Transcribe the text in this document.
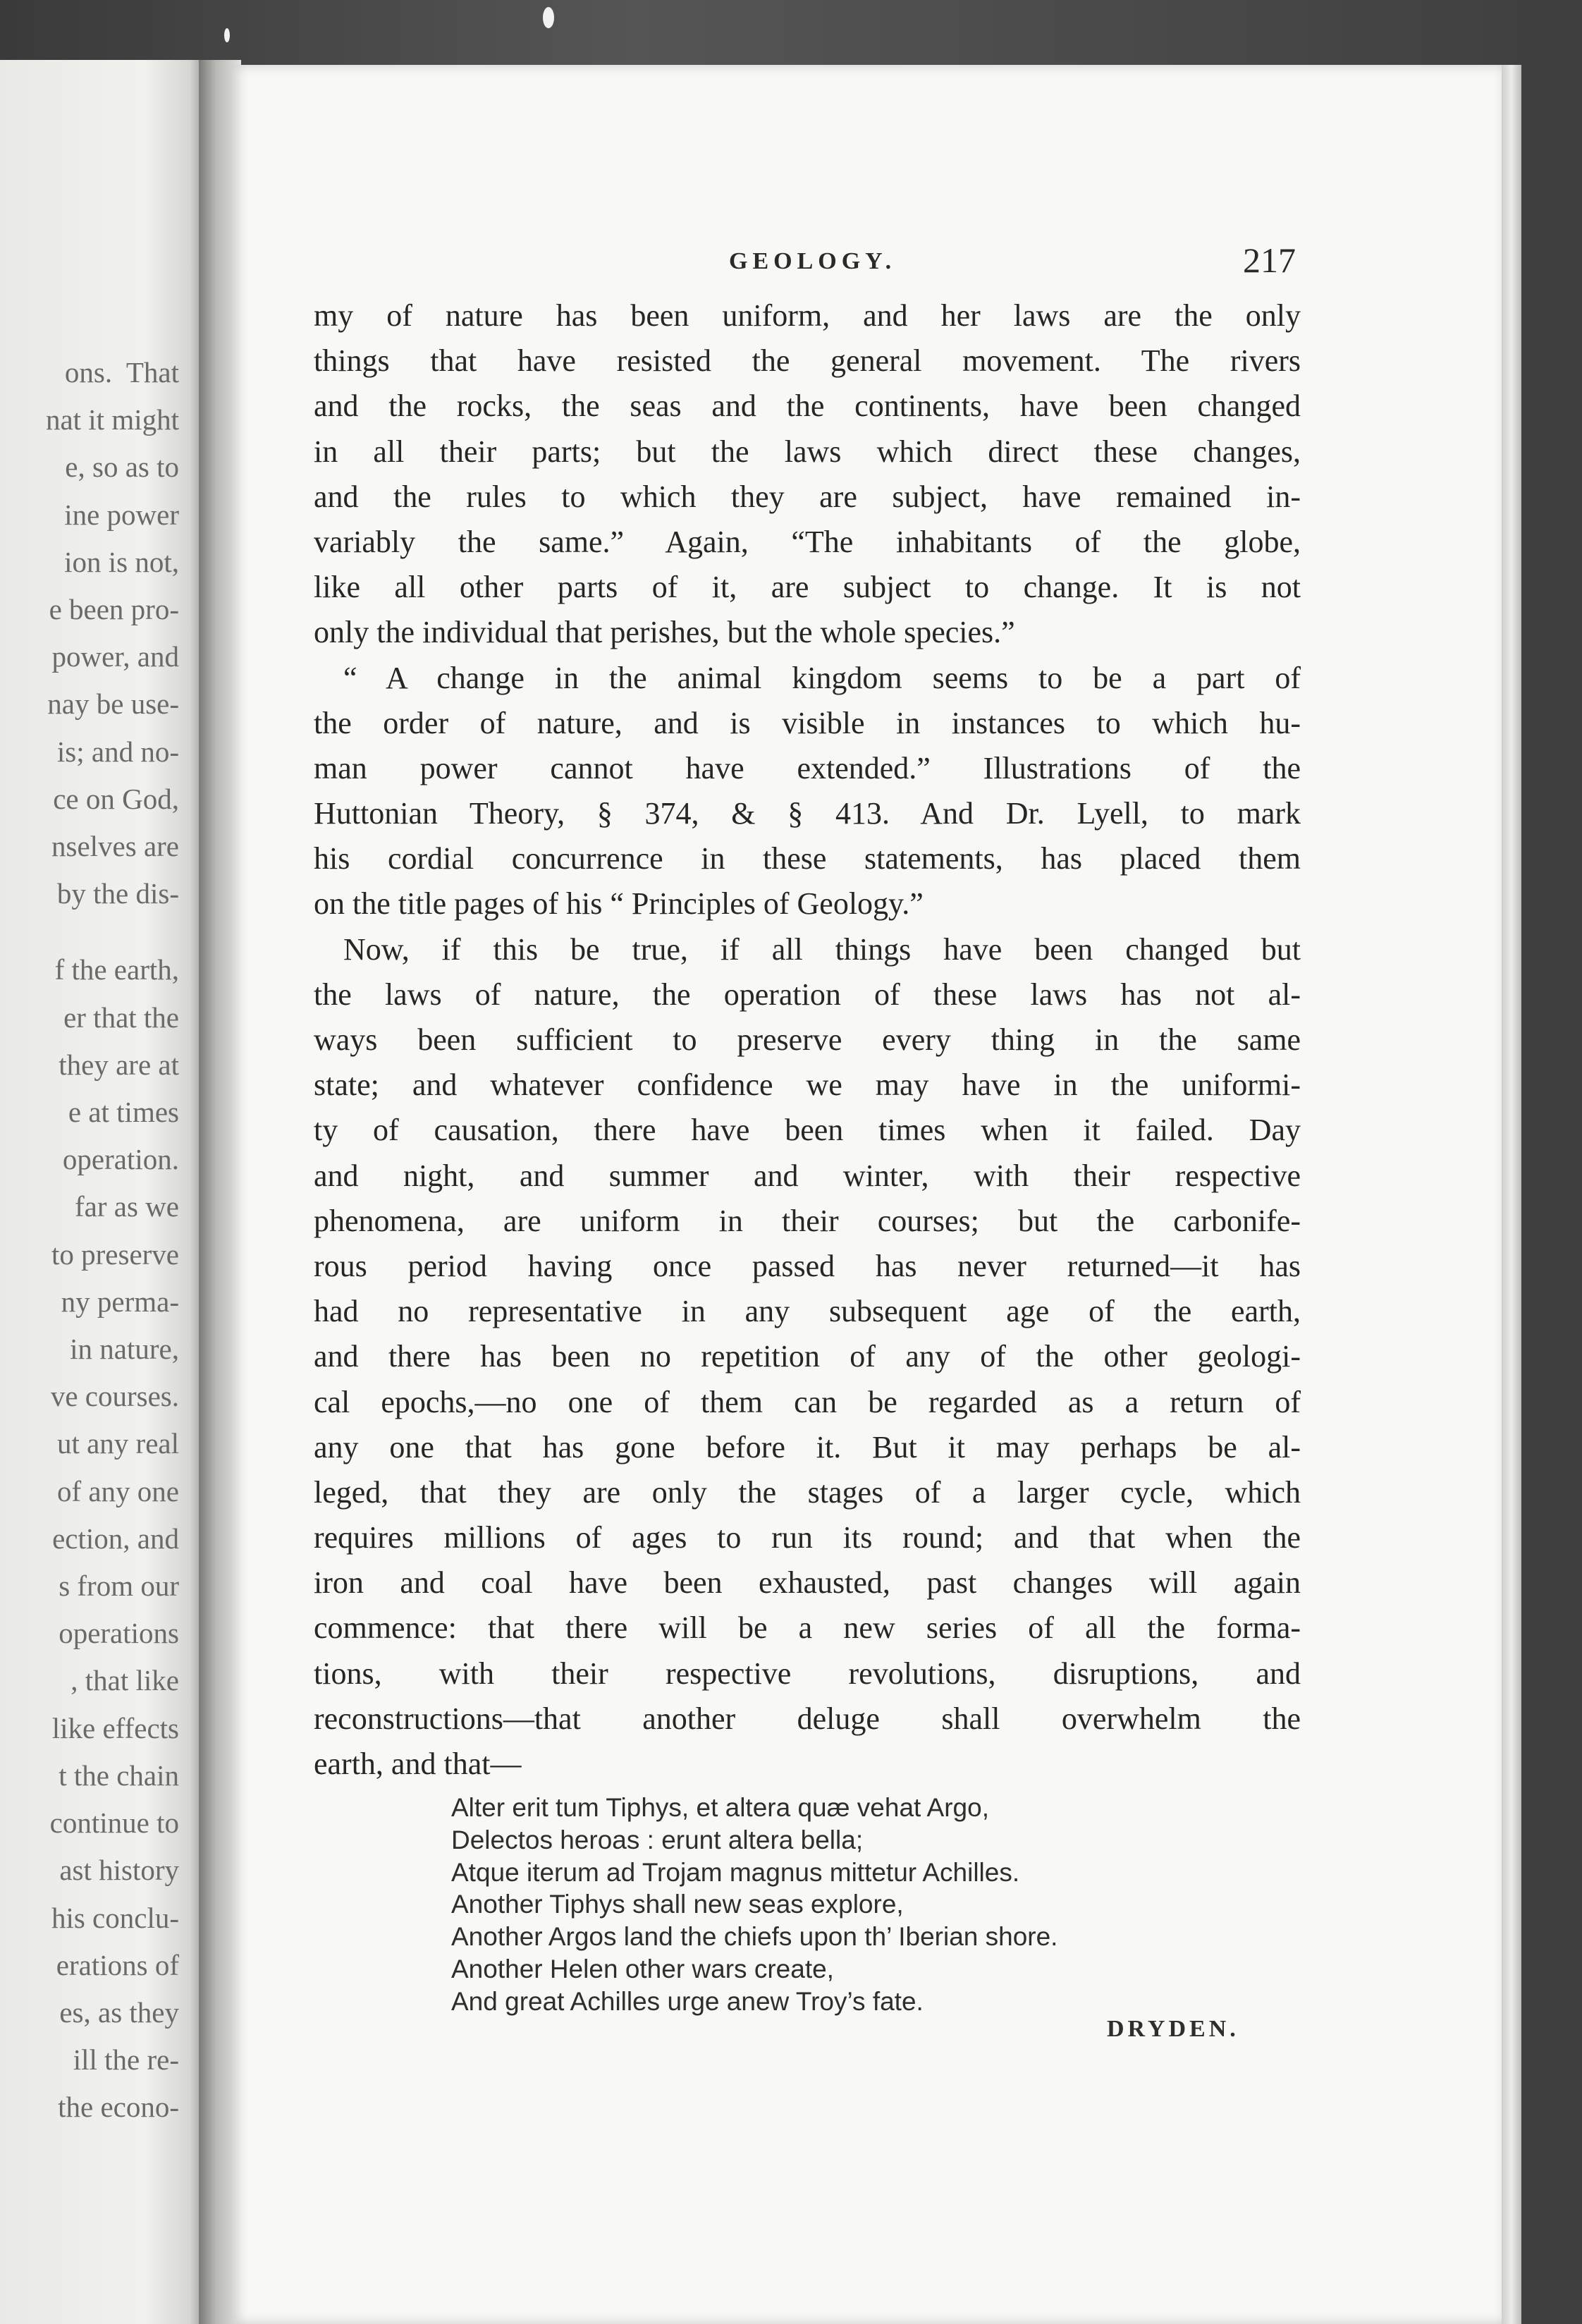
ons.  That
nat it might
e, so as to
ine power
ion is not,
e been pro-
power, and
nay be use-
is; and no-
ce on God,
nselves are
by the dis-
f the earth,
er that the
they are at
e at times
operation.
far as we
to preserve
ny perma-
in nature,
ve courses.
ut any real
of any one
ection, and
s from our
operations
, that like
like effects
t the chain
continue to
ast history
his conclu-
erations of
es, as they
ill the re-
the econo-
GEOLOGY.	217
my of nature has been uniform, and her laws are the only
things that have resisted the general movement. The rivers
and the rocks, the seas and the continents, have been changed
in all their parts; but the laws which direct these changes,
and the rules to which they are subject, have remained in-
variably the same.” Again, “The inhabitants of the globe,
like all other parts of it, are subject to change. It is not
only the individual that perishes, but the whole species.”
“ A change in the animal kingdom seems to be a part of
the order of nature, and is visible in instances to which hu-
man power cannot have extended.” Illustrations of the
Huttonian Theory, § 374, & § 413. And Dr. Lyell, to mark
his cordial concurrence in these statements, has placed them
on the title pages of his “ Principles of Geology.”
Now, if this be true, if all things have been changed but
the laws of nature, the operation of these laws has not al-
ways been sufficient to preserve every thing in the same
state; and whatever confidence we may have in the uniformi-
ty of causation, there have been times when it failed. Day
and night, and summer and winter, with their respective
phenomena, are uniform in their courses; but the carbonife-
rous period having once passed has never returned—it has
had no representative in any subsequent age of the earth,
and there has been no repetition of any of the other geologi-
cal epochs,—no one of them can be regarded as a return of
any one that has gone before it. But it may perhaps be al-
leged, that they are only the stages of a larger cycle, which
requires millions of ages to run its round; and that when the
iron and coal have been exhausted, past changes will again
commence: that there will be a new series of all the forma-
tions, with their respective revolutions, disruptions, and
reconstructions—that another deluge shall overwhelm the
earth, and that—
Alter erit tum Tiphys, et altera quæ vehat Argo,
Delectos heroas : erunt altera bella;
Atque iterum ad Trojam magnus mittetur Achilles.
Another Tiphys shall new seas explore,
Another Argos land the chiefs upon th’ Iberian shore.
Another Helen other wars create,
And great Achilles urge anew Troy’s fate.
DRYDEN.
